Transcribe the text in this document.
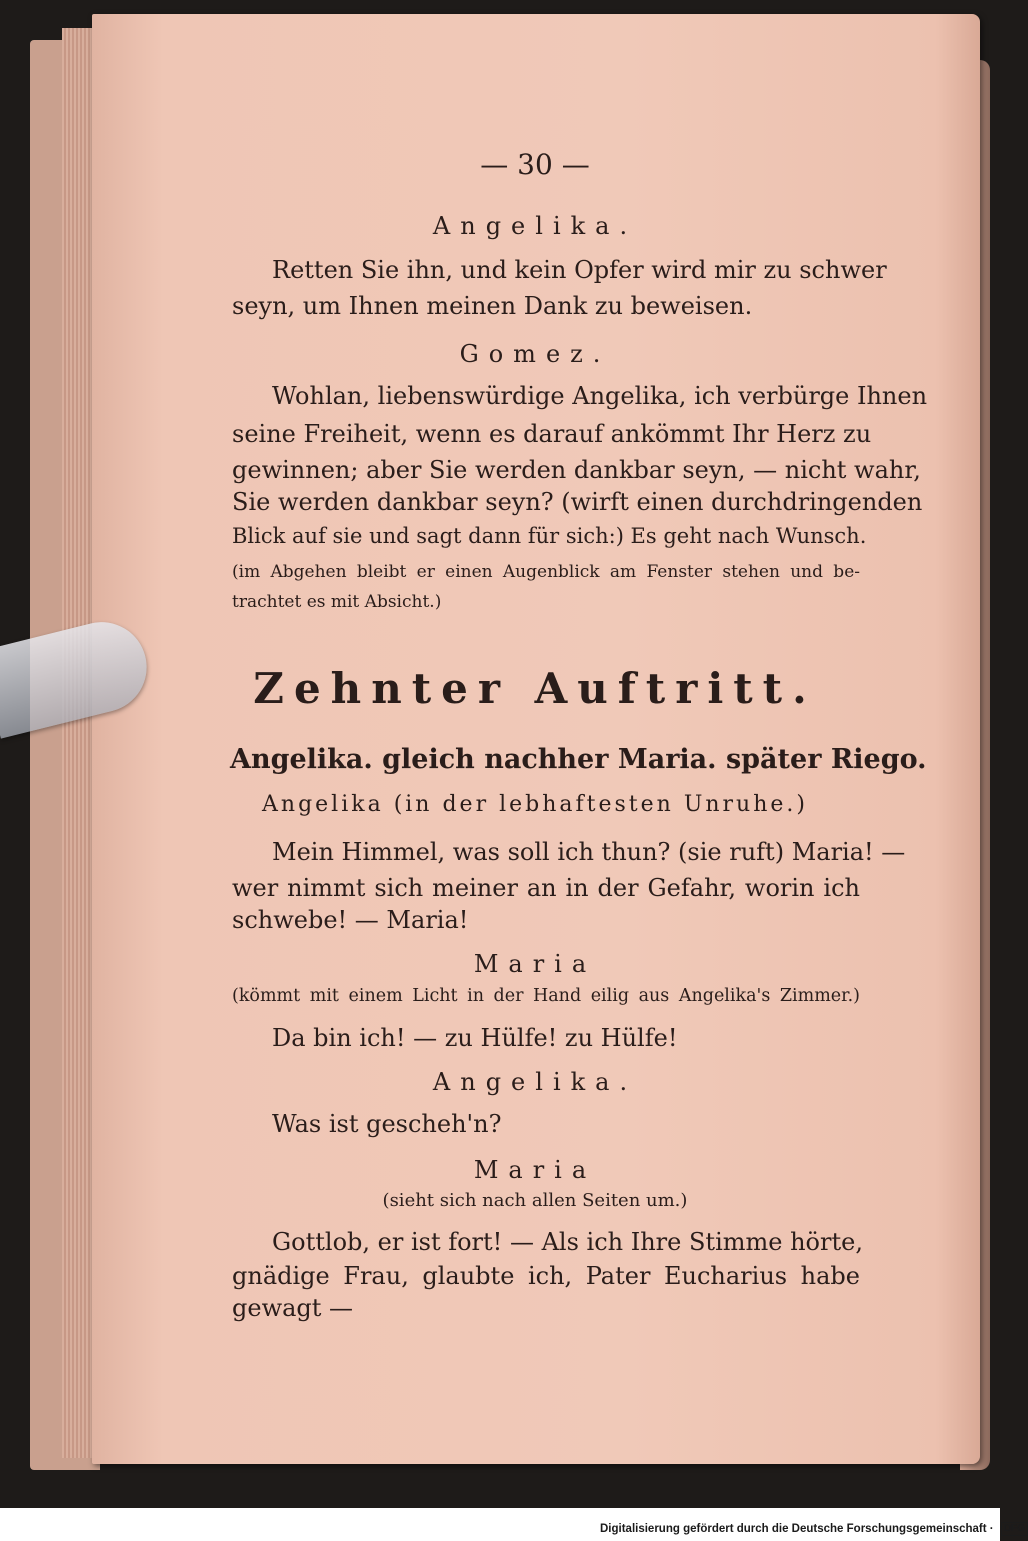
— 30 —
Angelika.
Retten Sie ihn, und kein Opfer wird mir zu schwer
seyn, um Ihnen meinen Dank zu beweisen.
Gomez.
Wohlan, liebenswürdige Angelika, ich verbürge Ihnen
seine Freiheit, wenn es darauf ankömmt Ihr Herz zu
gewinnen; aber Sie werden dankbar seyn, — nicht wahr,
Sie werden dankbar seyn? (wirft einen durchdringenden
Blick auf sie und sagt dann für sich:) Es geht nach Wunsch.
(im Abgehen bleibt er einen Augenblick am Fenster stehen und be-
trachtet es mit Absicht.)
Zehnter Auftritt.
Angelika. gleich nachher Maria. später Riego.
Angelika (in der lebhaftesten Unruhe.)
Mein Himmel, was soll ich thun? (sie ruft) Maria! —
wer nimmt sich meiner an in der Gefahr, worin ich
schwebe! — Maria!
Maria
(kömmt mit einem Licht in der Hand eilig aus Angelika's Zimmer.)
Da bin ich! — zu Hülfe! zu Hülfe!
Angelika.
Was ist gescheh'n?
Maria
(sieht sich nach allen Seiten um.)
Gottlob, er ist fort! — Als ich Ihre Stimme hörte,
gnädige Frau, glaubte ich, Pater Eucharius habe
gewagt —
Digitalisierung gefördert durch die Deutsche Forschungsgemeinschaft · DFG
